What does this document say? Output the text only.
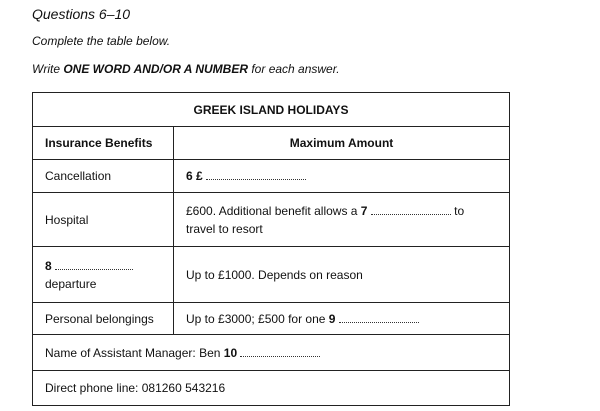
Questions 6–10
Complete the table below.
Write ONE WORD AND/OR A NUMBER for each answer.
GREEK ISLAND HOLIDAYS	
Insurance Benefits	Maximum Amount
Cancellation	6 £
Hospital	£600. Additional benefit allows a 7 to
travel to resort

8
departure	Up to £1000. Depends on reason
Personal belongings	Up to £3000; £500 for one 9
Name of Assistant Manager: Ben 10	
Direct phone line: 081260 543216	
